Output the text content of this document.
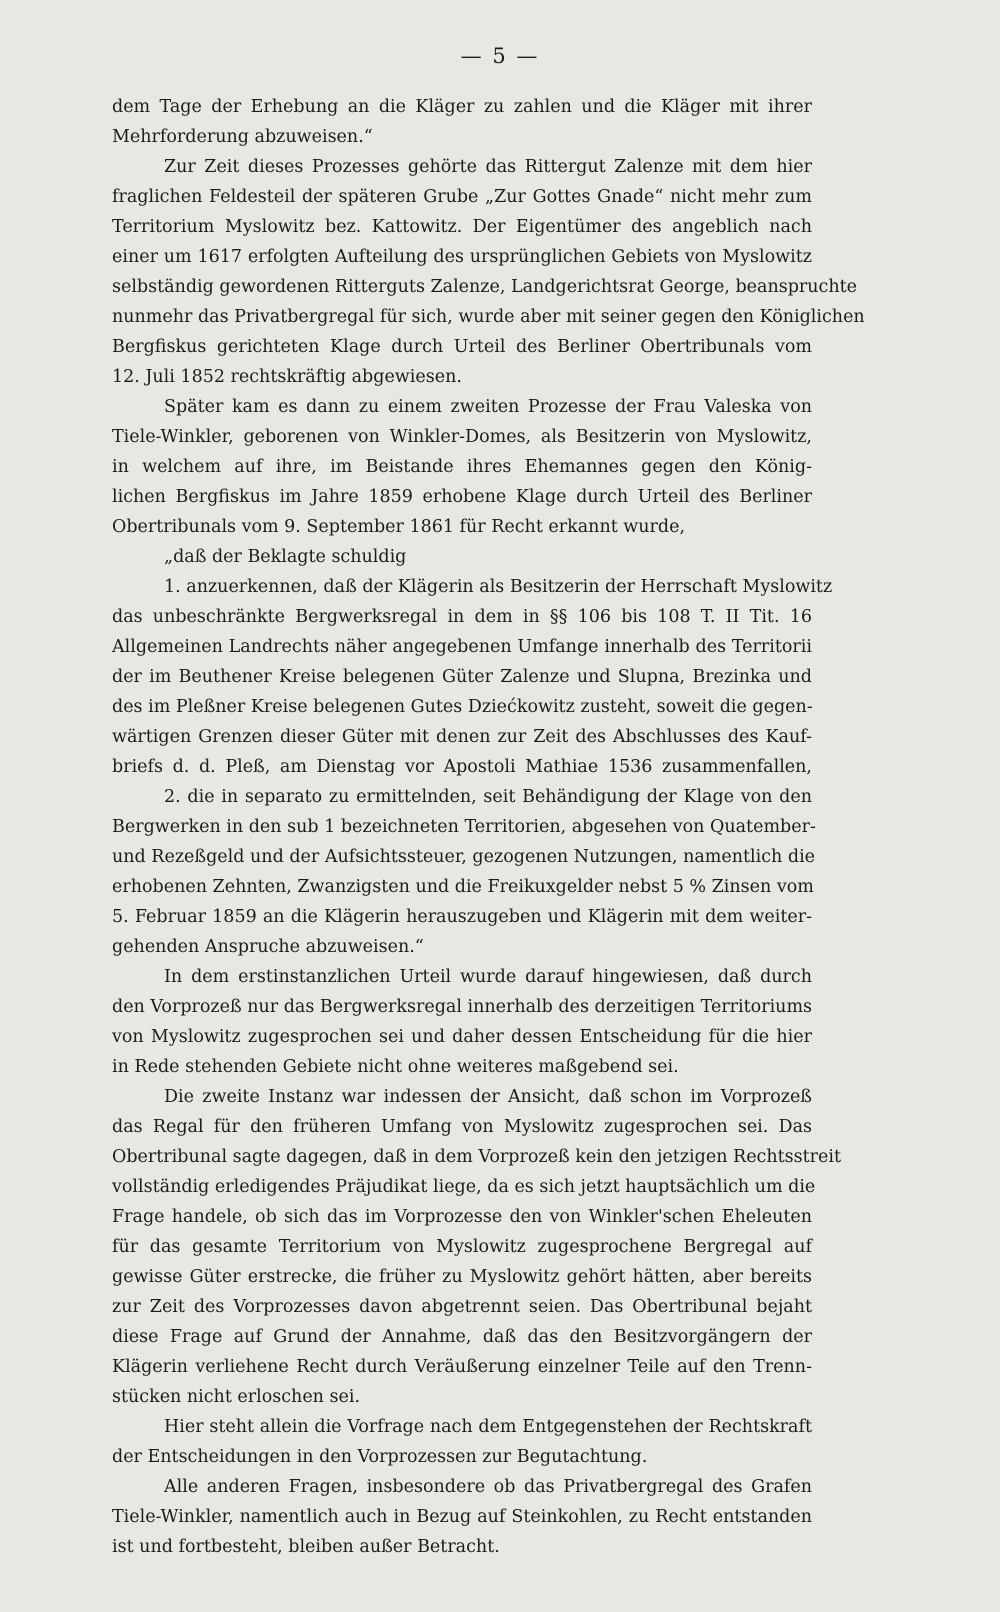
— 5 —
dem Tage der Erhebung an die Kläger zu zahlen und die Kläger mit ihrer
Mehrforderung abzuweisen.“
Zur Zeit dieses Prozesses gehörte das Rittergut Zalenze mit dem hier
fraglichen Feldesteil der späteren Grube „Zur Gottes Gnade“ nicht mehr zum
Territorium Myslowitz bez. Kattowitz. Der Eigentümer des angeblich nach
einer um 1617 erfolgten Aufteilung des ursprünglichen Gebiets von Myslowitz
selbständig gewordenen Ritterguts Zalenze, Landgerichtsrat George, beanspruchte
nunmehr das Privatbergregal für sich, wurde aber mit seiner gegen den Königlichen
Bergfiskus gerichteten Klage durch Urteil des Berliner Obertribunals vom
12. Juli 1852 rechtskräftig abgewiesen.
Später kam es dann zu einem zweiten Prozesse der Frau Valeska von
Tiele-Winkler, geborenen von Winkler-Domes, als Besitzerin von Myslowitz,
in welchem auf ihre, im Beistande ihres Ehemannes gegen den König-
lichen Bergfiskus im Jahre 1859 erhobene Klage durch Urteil des Berliner
Obertribunals vom 9. September 1861 für Recht erkannt wurde,
„daß der Beklagte schuldig
1. anzuerkennen, daß der Klägerin als Besitzerin der Herrschaft Myslowitz
das unbeschränkte Bergwerksregal in dem in §§ 106 bis 108 T. II Tit. 16
Allgemeinen Landrechts näher angegebenen Umfange innerhalb des Territorii
der im Beuthener Kreise belegenen Güter Zalenze und Slupna, Brezinka und
des im Pleßner Kreise belegenen Gutes Dziećkowitz zusteht, soweit die gegen-
wärtigen Grenzen dieser Güter mit denen zur Zeit des Abschlusses des Kauf-
briefs d. d. Pleß, am Dienstag vor Apostoli Mathiae 1536 zusammenfallen,
2. die in separato zu ermittelnden, seit Behändigung der Klage von den
Bergwerken in den sub 1 bezeichneten Territorien, abgesehen von Quatember-
und Rezeßgeld und der Aufsichtssteuer, gezogenen Nutzungen, namentlich die
erhobenen Zehnten, Zwanzigsten und die Freikuxgelder nebst 5 % Zinsen vom
5. Februar 1859 an die Klägerin herauszugeben und Klägerin mit dem weiter-
gehenden Anspruche abzuweisen.“
In dem erstinstanzlichen Urteil wurde darauf hingewiesen, daß durch
den Vorprozeß nur das Bergwerksregal innerhalb des derzeitigen Territoriums
von Myslowitz zugesprochen sei und daher dessen Entscheidung für die hier
in Rede stehenden Gebiete nicht ohne weiteres maßgebend sei.
Die zweite Instanz war indessen der Ansicht, daß schon im Vorprozeß
das Regal für den früheren Umfang von Myslowitz zugesprochen sei. Das
Obertribunal sagte dagegen, daß in dem Vorprozeß kein den jetzigen Rechtsstreit
vollständig erledigendes Präjudikat liege, da es sich jetzt hauptsächlich um die
Frage handele, ob sich das im Vorprozesse den von Winkler'schen Eheleuten
für das gesamte Territorium von Myslowitz zugesprochene Bergregal auf
gewisse Güter erstrecke, die früher zu Myslowitz gehört hätten, aber bereits
zur Zeit des Vorprozesses davon abgetrennt seien. Das Obertribunal bejaht
diese Frage auf Grund der Annahme, daß das den Besitzvorgängern der
Klägerin verliehene Recht durch Veräußerung einzelner Teile auf den Trenn-
stücken nicht erloschen sei.
Hier steht allein die Vorfrage nach dem Entgegenstehen der Rechtskraft
der Entscheidungen in den Vorprozessen zur Begutachtung.
Alle anderen Fragen, insbesondere ob das Privatbergregal des Grafen
Tiele-Winkler, namentlich auch in Bezug auf Steinkohlen, zu Recht entstanden
ist und fortbesteht, bleiben außer Betracht.
